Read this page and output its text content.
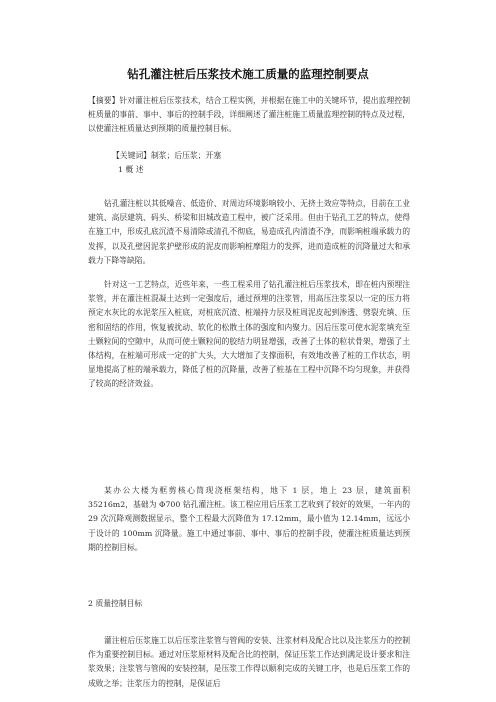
钻孔灌注桩后压浆技术施工质量的监理控制要点

【摘要】针对灌注桩后压浆技术，结合工程实例，并根据在施工中的关键环节，提出监理控制桩质量的事前、事中、事后的控制手段，详细阐述了灌注桩施工质量监理控制的特点及过程，以使灌注桩质量达到预期的质量控制目标。

【关键词】制浆；后压浆；开塞

1 概 述

钻孔灌注桩以其低噪音、低造价、对周边环境影响较小、无挤土效应等特点，目前在工业建筑、高层建筑、码头、桥梁和旧城改造工程中，被广泛采用。但由于钻孔工艺的特点，使得在施工中，形成孔底沉渣不易清除或清孔不彻底，易造成孔内清渣不净，而影响桩端承载力的发挥，以及孔壁因泥浆护壁形成的泥皮而影响桩摩阻力的发挥，进而造成桩的沉降量过大和承载力下降等缺陷。

针对这一工艺特点，近些年来，一些工程采用了钻孔灌注桩后压浆技术，即在桩内预埋注浆管，并在灌注桩混凝土达到一定强度后，通过预埋的注浆管，用高压注浆泵以一定的压力将预定水灰比的水泥浆压入桩底，对桩底沉渣、桩端持力层及桩周泥皮起到渗透、劈裂充填、压密和固结的作用，恢复被扰动、软化的松散土体的强度和内聚力。因后压浆可使水泥浆填充至土颗粒间的空隙中，从而可使土颗粒间的胶结力明显增强，改善了土体的粒状骨架，增强了土体结构，在桩端可形成一定的扩大头，大大增加了支撑面积，有效地改善了桩的工作状态，明显地提高了桩的端承载力，降低了桩的沉降量，改善了桩基在工程中沉降不均匀现象，并获得了较高的经济效益。

某办公大楼为框剪核心筒现浇框架结构，地下 1 层，地上 23 层，建筑面积 35216m2，基础为 Φ700 钻孔灌注桩。该工程应用后压浆工艺收到了较好的效果，一年内的 29 次沉降观测数据显示，整个工程最大沉降值为 17.12mm，最小值为 12.14mm，远远小于设计的 100mm 沉降量。施工中通过事前、事中、事后的控制手段，使灌注桩质量达到预期的控制目标。

2 质量控制目标

灌注桩后压浆施工以后压浆注浆管与管阀的安装、注浆材料及配合比以及注浆压力的控制作为重要控制目标。通过对压浆原材料及配合比的控制，保证压浆工作达到满足设计要求和注浆效果；注浆管与管阀的安装控制，是压浆工作得以顺利完成的关键工序，也是后压浆工作的成败之举；注浆压力的控制，是保证后
